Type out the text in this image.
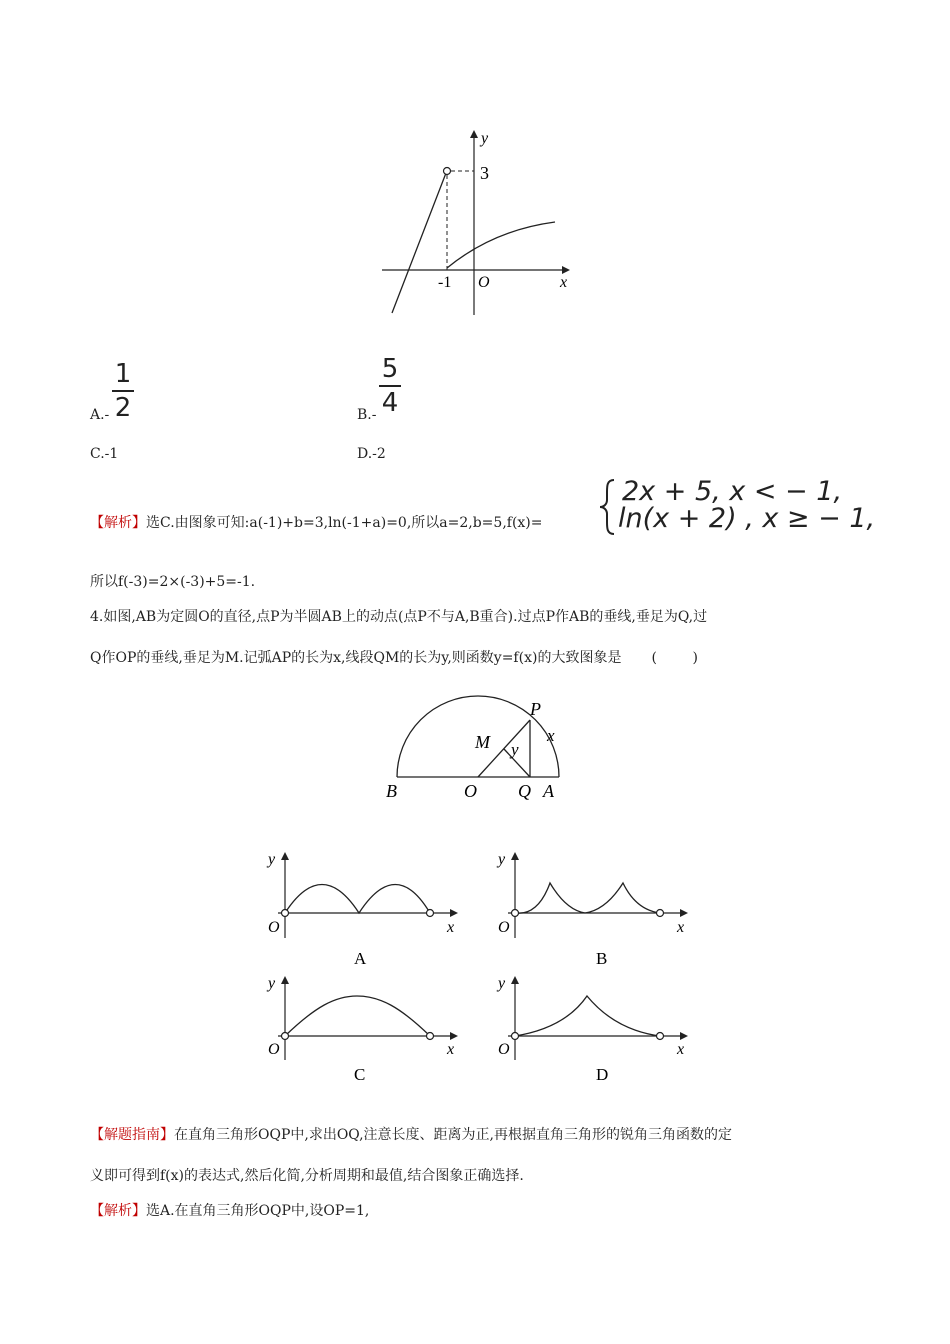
y
3
-1 O	x
1
2
A.-
5
4
B.-
C.-1	D.-2
【解析】选C.由图象可知:a(-1)+b=3,ln(-1+a)=0,所以a=2,b=5,f(x)=
2x + 5, x < − 1,
ln(x + 2) , x ≥ − 1,
所以f(-3)=2×(-3)+5=-1.
4.如图,AB为定圆O的直径,点P为半圆AB上的动点(点P不与A,B重合).过点P作AB的垂线,垂足为Q,过
Q作OP的垂线,垂足为M.记弧AP的长为x,线段QM的长为y,则函数y=f(x)的大致图象是 (        )
P
M y
x
B	O Q A
y
O	x
A
y
O	x
B
y
O	x
C
y
O	x
D
【解题指南】在直角三角形OQP中,求出OQ,注意长度、距离为正,再根据直角三角形的锐角三角函数的定
义即可得到f(x)的表达式,然后化简,分析周期和最值,结合图象正确选择.
【解析】选A.在直角三角形OQP中,设OP=1,
